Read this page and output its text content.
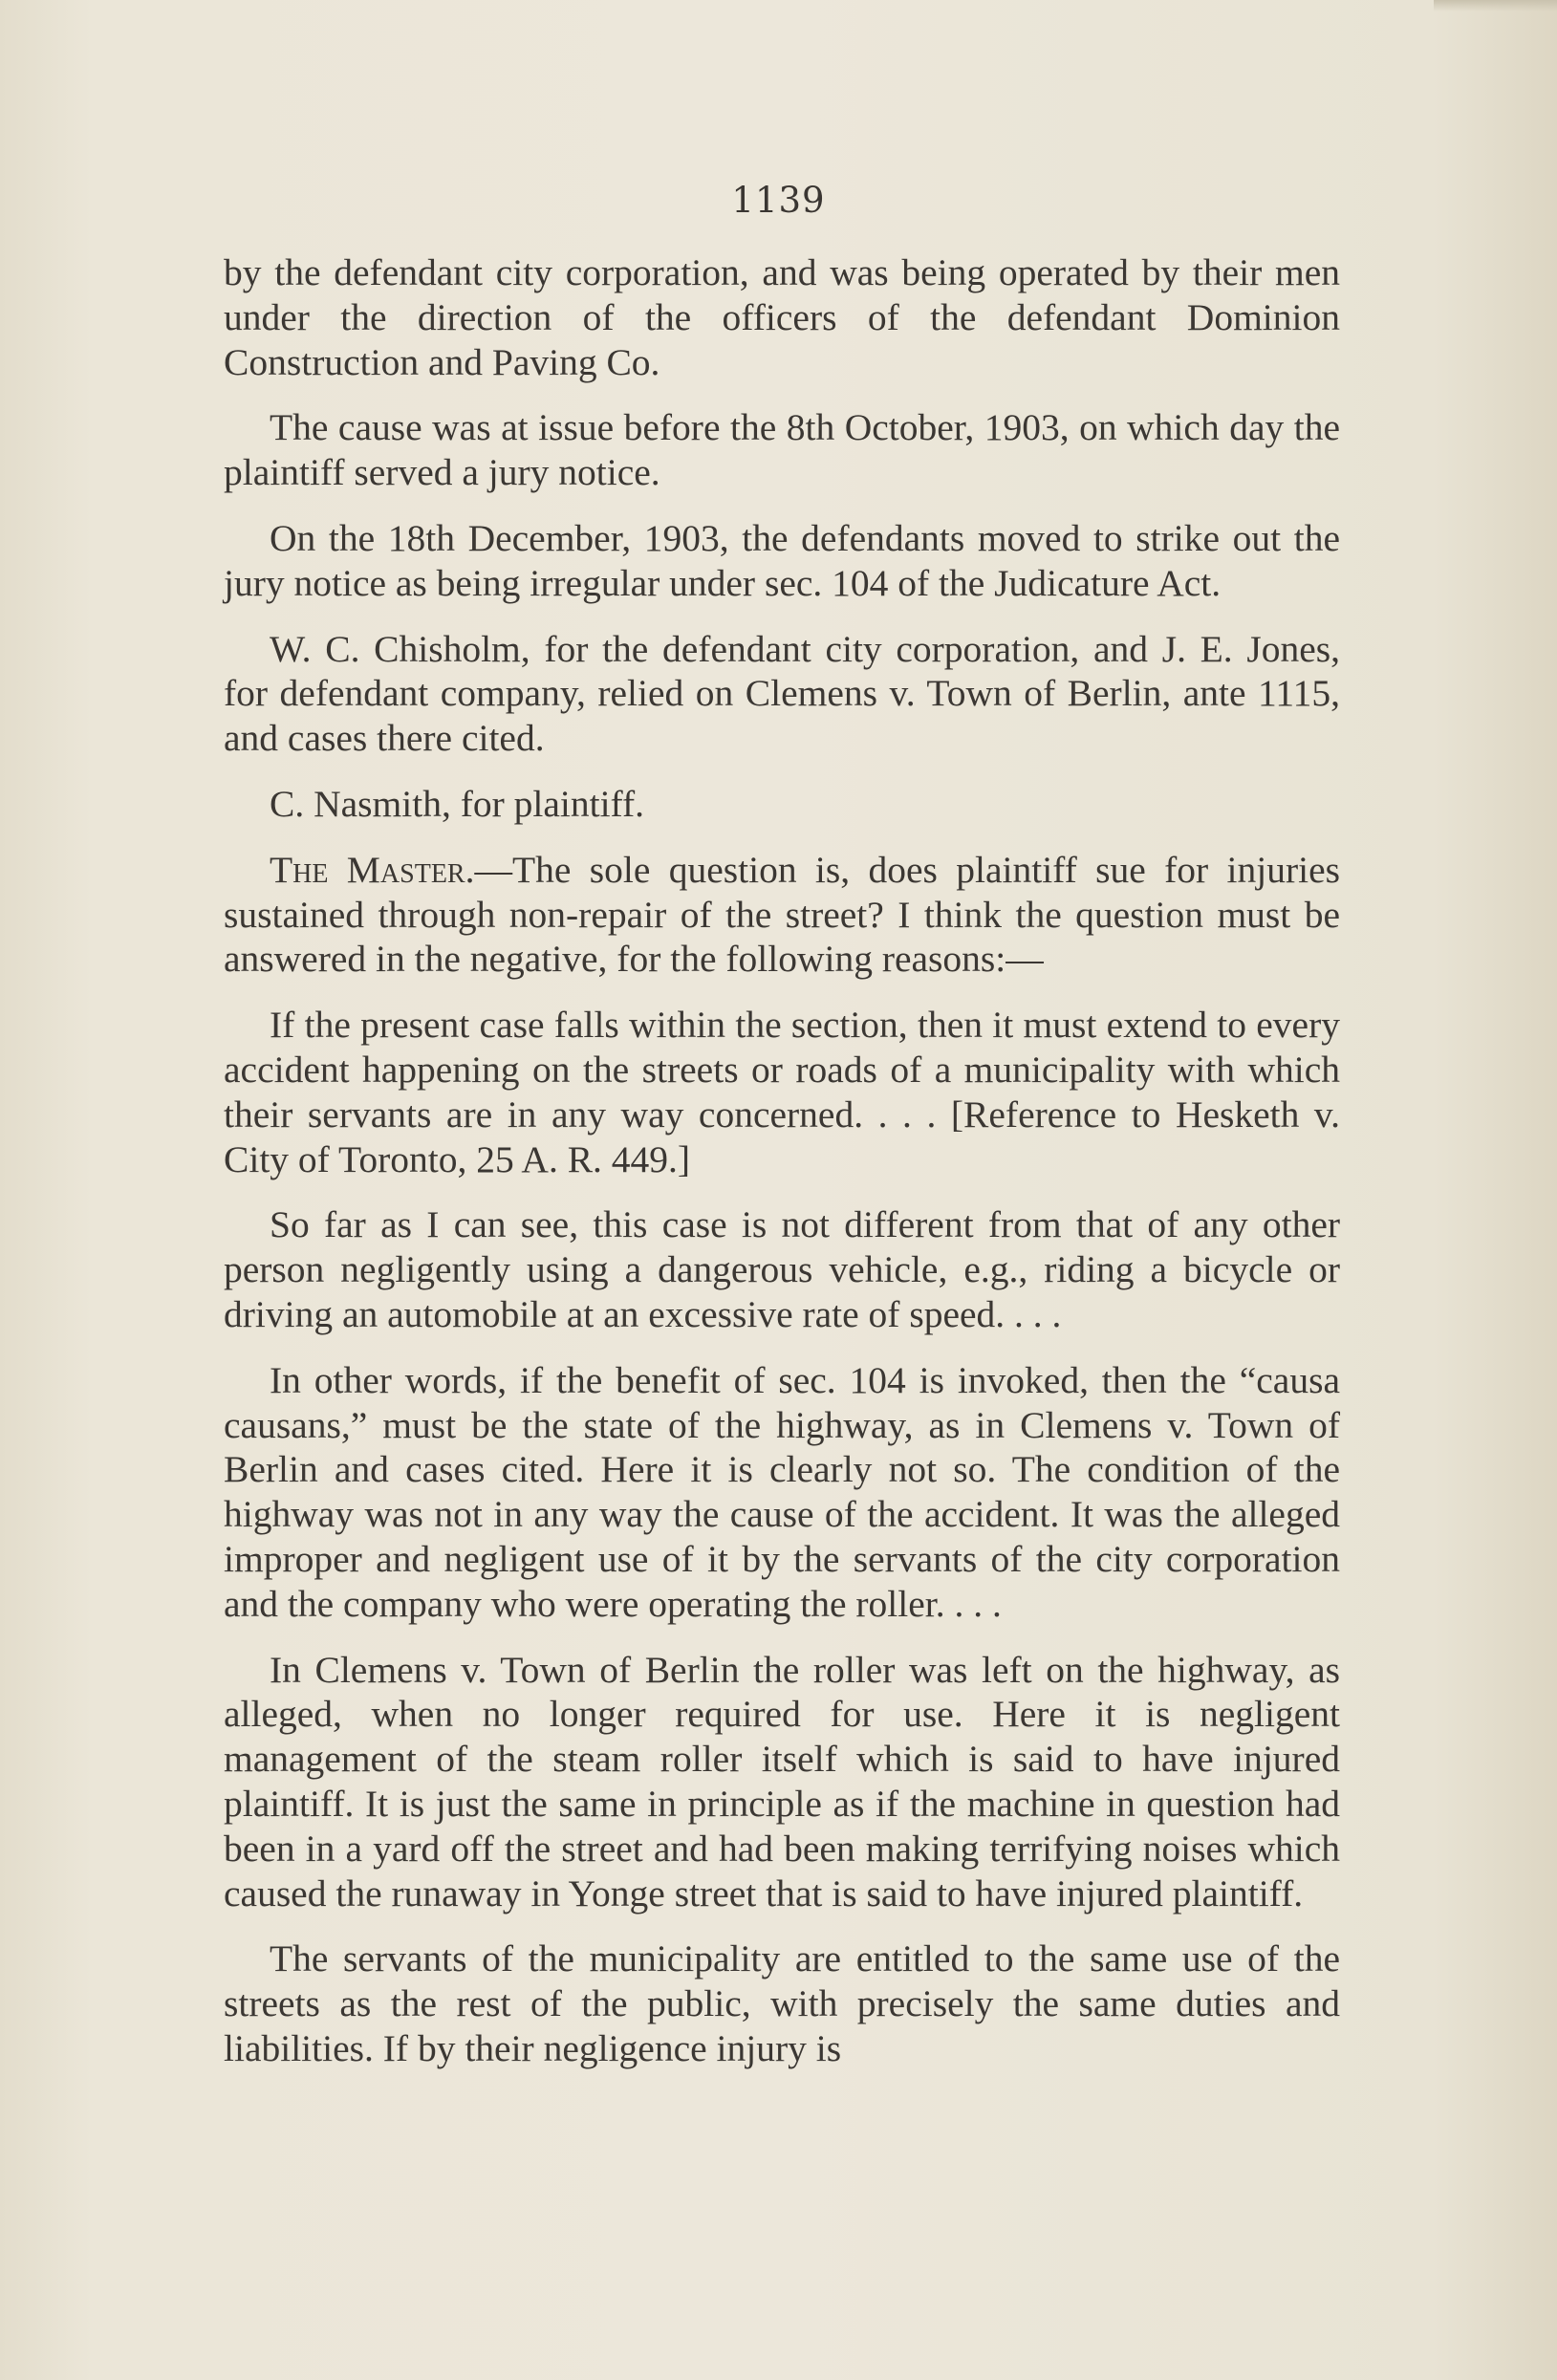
1139

by the defendant city corporation, and was being operated by their men under the direction of the officers of the defendant Dominion Construction and Paving Co.

The cause was at issue before the 8th October, 1903, on which day the plaintiff served a jury notice.

On the 18th December, 1903, the defendants moved to strike out the jury notice as being irregular under sec. 104 of the Judicature Act.

W. C. Chisholm, for the defendant city corporation, and J. E. Jones, for defendant company, relied on Clemens v. Town of Berlin, ante 1115, and cases there cited.

C. Nasmith, for plaintiff.

The Master.—The sole question is, does plaintiff sue for injuries sustained through non-repair of the street? I think the question must be answered in the negative, for the following reasons:—

If the present case falls within the section, then it must extend to every accident happening on the streets or roads of a municipality with which their servants are in any way concerned. . . . [Reference to Hesketh v. City of Toronto, 25 A. R. 449.]

So far as I can see, this case is not different from that of any other person negligently using a dangerous vehicle, e.g., riding a bicycle or driving an automobile at an excessive rate of speed. . . .

In other words, if the benefit of sec. 104 is invoked, then the “causa causans,” must be the state of the highway, as in Clemens v. Town of Berlin and cases cited. Here it is clearly not so. The condition of the highway was not in any way the cause of the accident. It was the alleged improper and negligent use of it by the servants of the city corporation and the company who were operating the roller. . . .

In Clemens v. Town of Berlin the roller was left on the highway, as alleged, when no longer required for use. Here it is negligent management of the steam roller itself which is said to have injured plaintiff. It is just the same in principle as if the machine in question had been in a yard off the street and had been making terrifying noises which caused the runaway in Yonge street that is said to have injured plaintiff.

The servants of the municipality are entitled to the same use of the streets as the rest of the public, with precisely the same duties and liabilities. If by their negligence injury is
